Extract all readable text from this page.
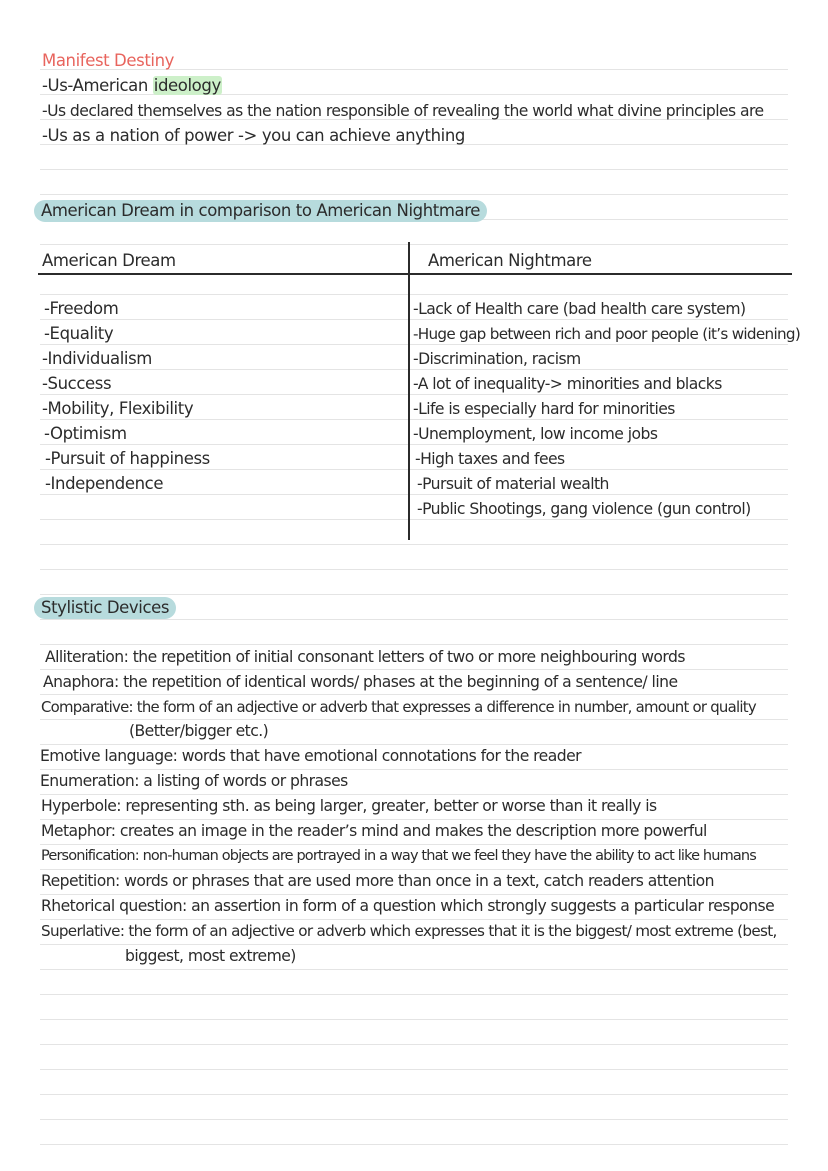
Manifest Destiny
-Us-American ideology
-Us declared themselves as the nation responsible of revealing the world what divine principles are
-Us as a nation of power -> you can achieve anything
American Dream in comparison to American Nightmare
American Dream	American Nightmare
-Freedom
-Equality
-Individualism
-Success
-Mobility, Flexibility
-Optimism
-Pursuit of happiness
-Independence
-Lack of Health care (bad health care system)
-Huge gap between rich and poor people (it’s widening)
-Discrimination, racism
-A lot of inequality-> minorities and blacks
-Life is especially hard for minorities
-Unemployment, low income jobs
-High taxes and fees
-Pursuit of material wealth
-Public Shootings, gang violence (gun control)
Stylistic Devices
Alliteration: the repetition of initial consonant letters of two or more neighbouring words
Anaphora: the repetition of identical words/ phases at the beginning of a sentence/ line
Comparative: the form of an adjective or adverb that expresses a difference in number, amount or quality
(Better/bigger etc.)
Emotive language: words that have emotional connotations for the reader
Enumeration: a listing of words or phrases
Hyperbole: representing sth. as being larger, greater, better or worse than it really is
Metaphor: creates an image in the reader’s mind and makes the description more powerful
Personification: non-human objects are portrayed in a way that we feel they have the ability to act like humans
Repetition: words or phrases that are used more than once in a text, catch readers attention
Rhetorical question: an assertion in form of a question which strongly suggests a particular response
Superlative: the form of an adjective or adverb which expresses that it is the biggest/ most extreme (best,
biggest, most extreme)
